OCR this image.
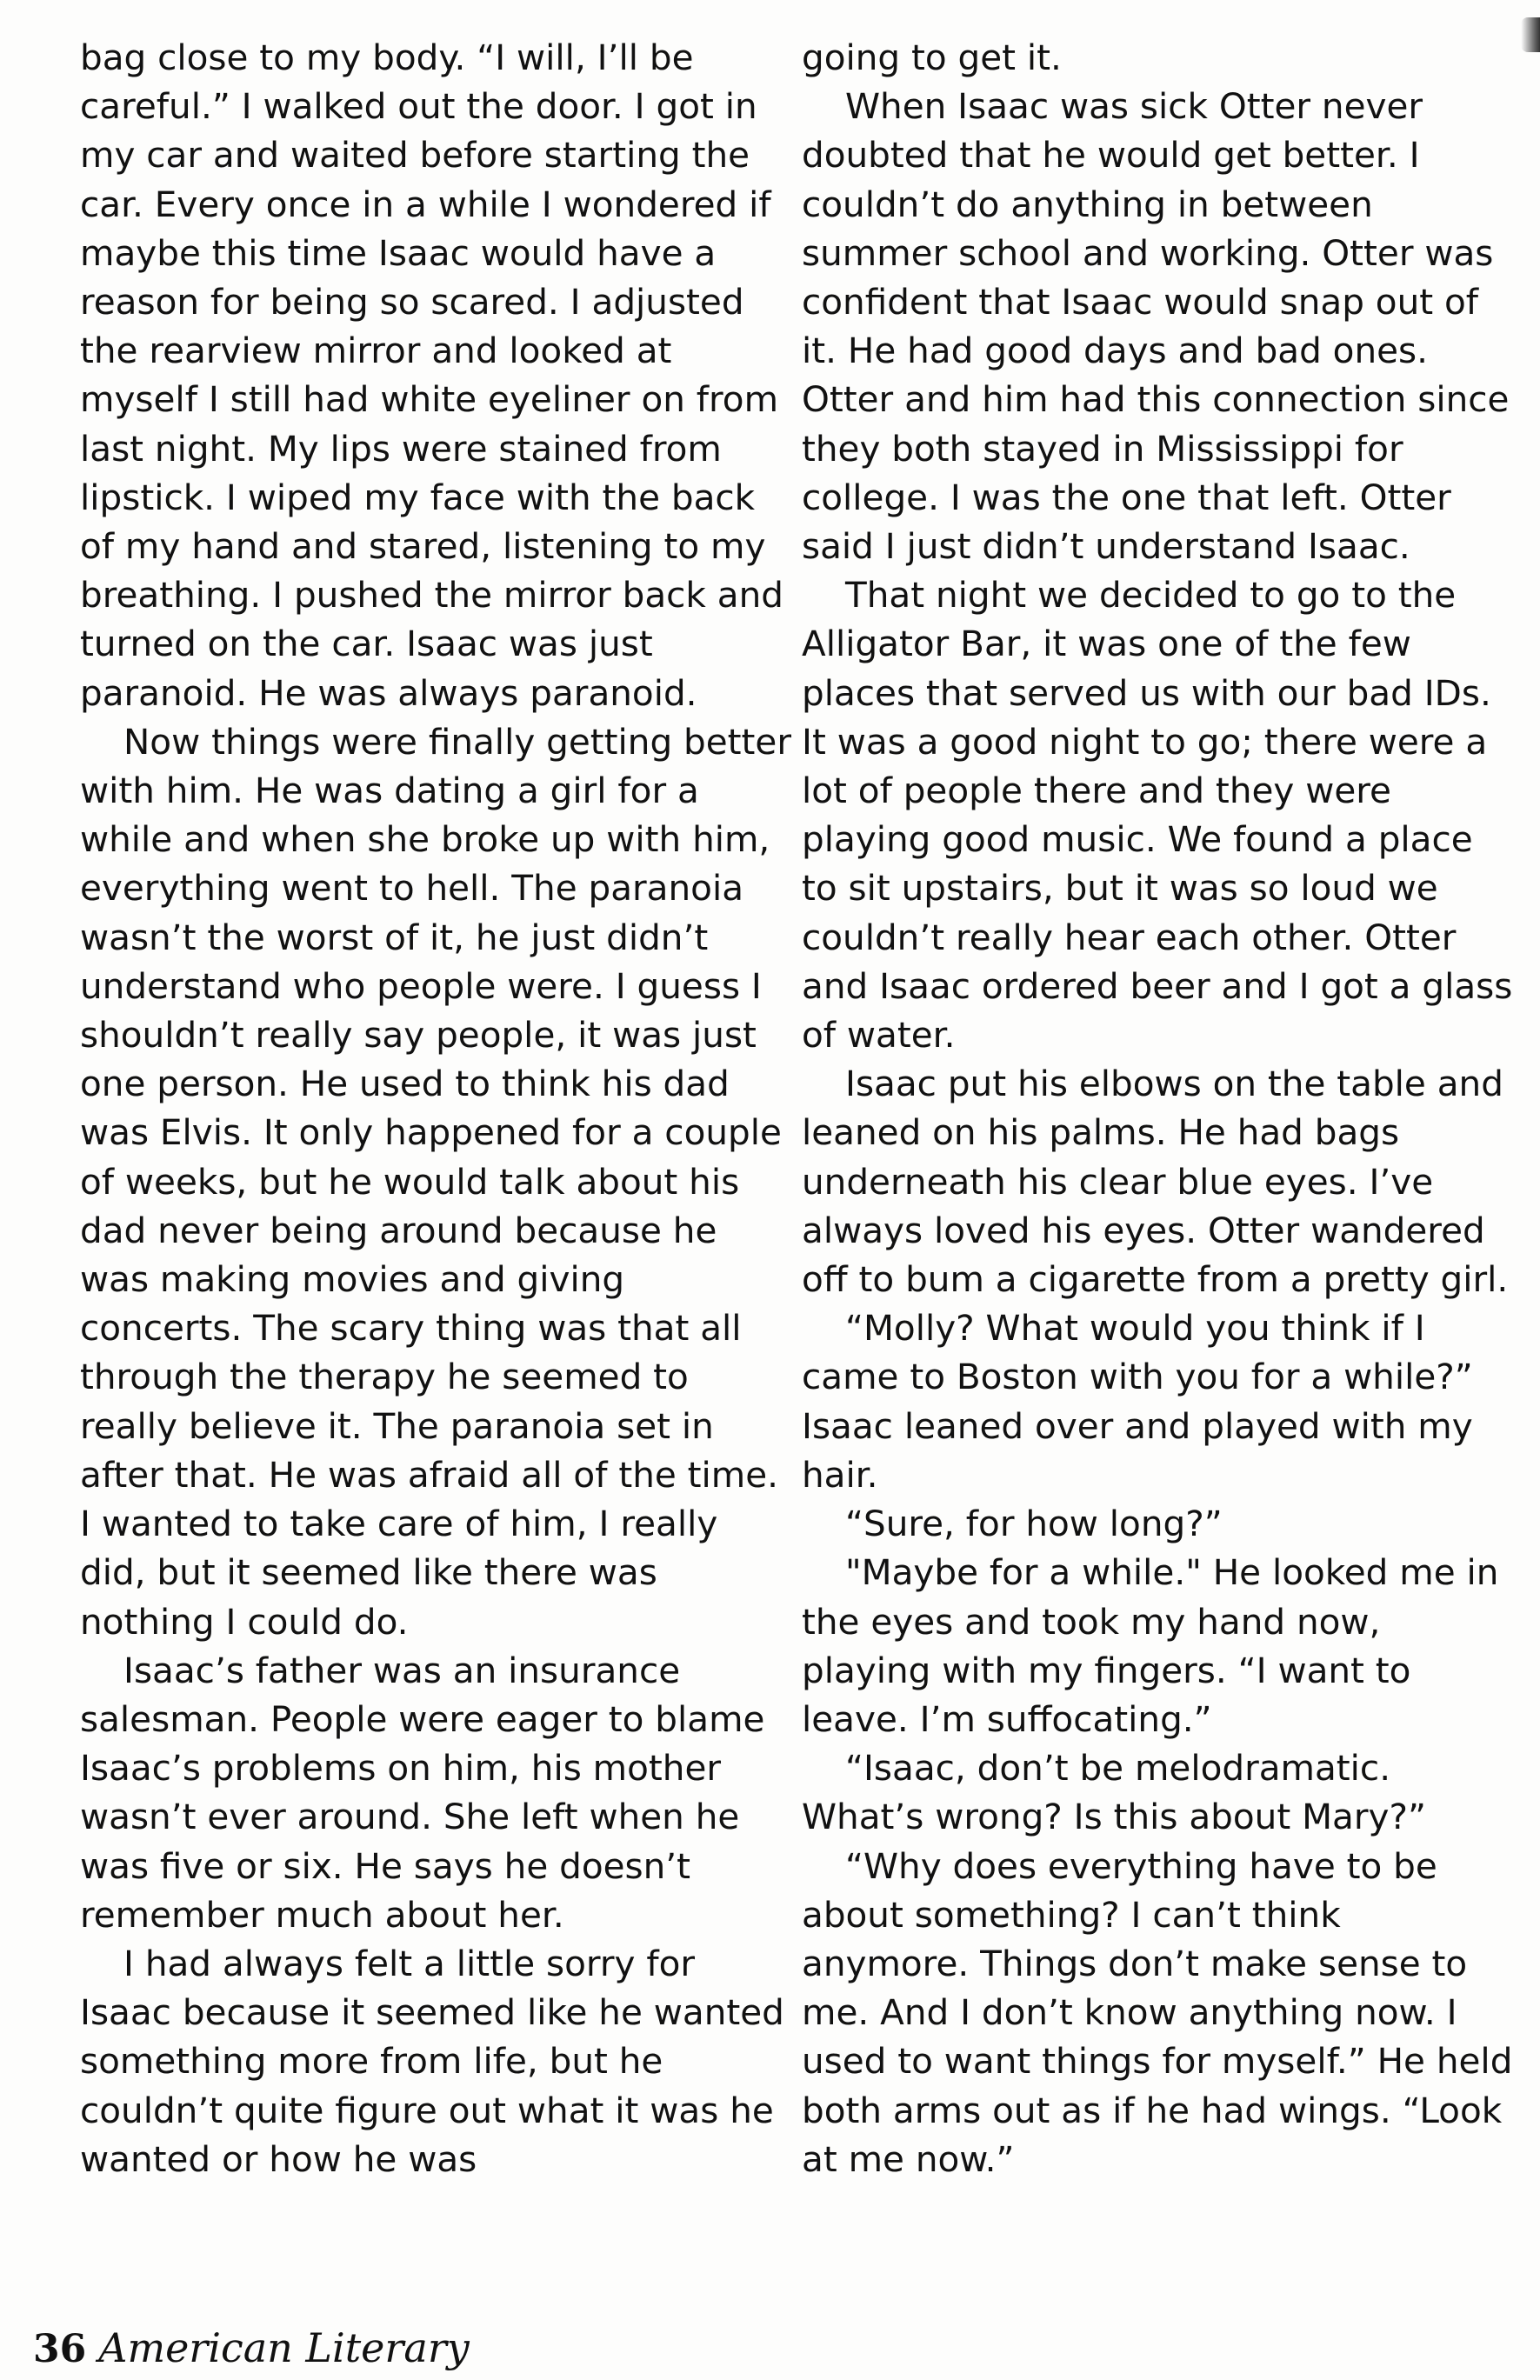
bag close to my body. “I will, I’ll be careful.” I walked out the door. I got in my car and waited before starting the car. Every once in a while I wondered if maybe this time Isaac would have a reason for being so scared. I adjusted the rearview mirror and looked at myself I still had white eyeliner on from last night. My lips were stained from lipstick. I wiped my face with the back of my hand and stared, listening to my breathing. I pushed the mirror back and turned on the car. Isaac was just paranoid. He was always paranoid.

Now things were finally getting better with him. He was dating a girl for a while and when she broke up with him, everything went to hell. The paranoia wasn’t the worst of it, he just didn’t understand who people were. I guess I shouldn’t really say people, it was just one person. He used to think his dad was Elvis. It only happened for a couple of weeks, but he would talk about his dad never being around because he was making movies and giving concerts. The scary thing was that all through the therapy he seemed to really believe it. The paranoia set in after that. He was afraid all of the time. I wanted to take care of him, I really did, but it seemed like there was nothing I could do.

Isaac’s father was an insurance salesman. People were eager to blame Isaac’s problems on him, his mother wasn’t ever around. She left when he was five or six. He says he doesn’t remember much about her.

I had always felt a little sorry for Isaac because it seemed like he wanted something more from life, but he couldn’t quite figure out what it was he wanted or how he was

going to get it.

When Isaac was sick Otter never doubted that he would get better. I couldn’t do anything in between summer school and working. Otter was confident that Isaac would snap out of it. He had good days and bad ones. Otter and him had this connection since they both stayed in Mississippi for college. I was the one that left. Otter said I just didn’t understand Isaac.

That night we decided to go to the Alligator Bar, it was one of the few places that served us with our bad IDs. It was a good night to go; there were a lot of people there and they were playing good music. We found a place to sit upstairs, but it was so loud we couldn’t really hear each other. Otter and Isaac ordered beer and I got a glass of water.

Isaac put his elbows on the table and leaned on his palms. He had bags underneath his clear blue eyes. I’ve always loved his eyes. Otter wandered off to bum a cigarette from a pretty girl.

“Molly? What would you think if I came to Boston with you for a while?” Isaac leaned over and played with my hair.

“Sure, for how long?”

"Maybe for a while." He looked me in the eyes and took my hand now, playing with my fingers. “I want to leave. I’m suffocating.”

“Isaac, don’t be melodramatic. What’s wrong? Is this about Mary?”

“Why does everything have to be about something? I can’t think anymore. Things don’t make sense to me. And I don’t know anything now. I used to want things for myself.” He held both arms out as if he had wings. “Look at me now.”

36 American Literary
